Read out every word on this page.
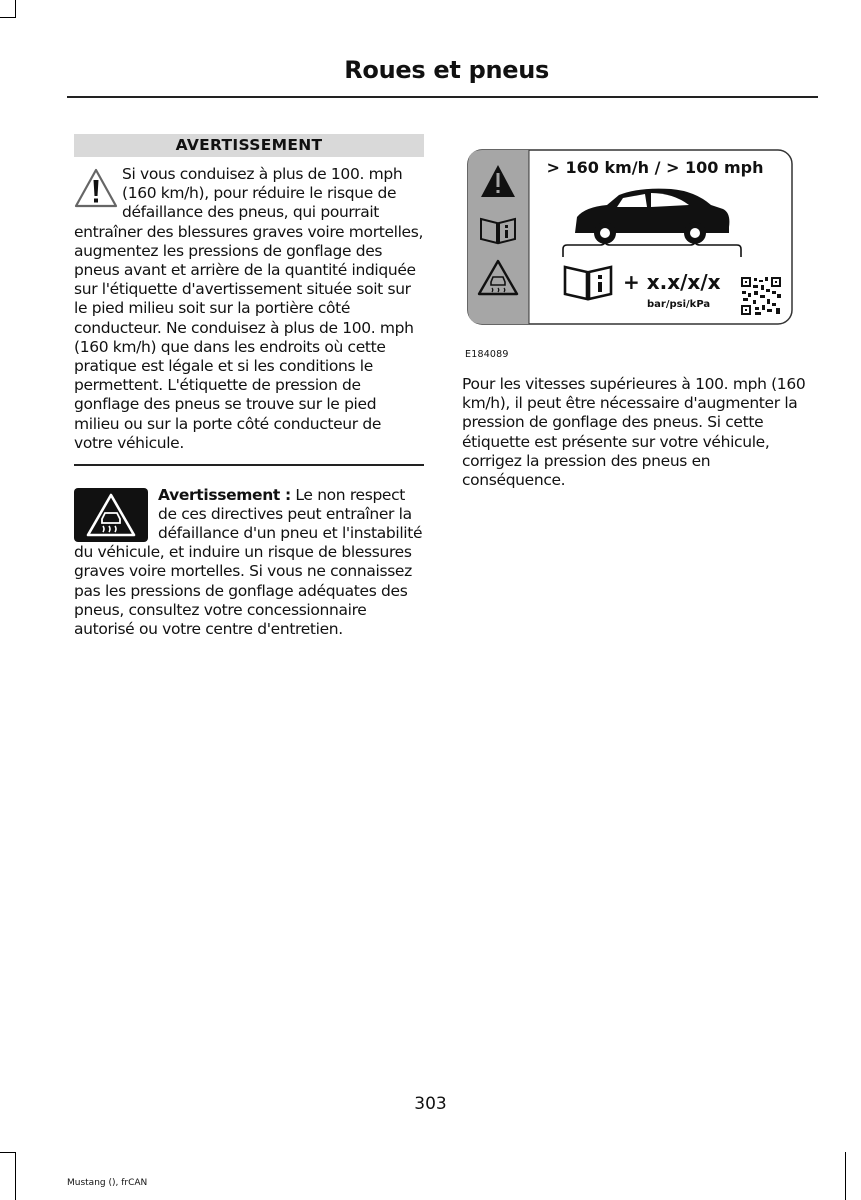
Roues et pneus
AVERTISSEMENT

Si vous conduisez à plus de 100. mph (160 km/h), pour réduire le risque de défaillance des pneus, qui pourrait entraîner des blessures graves voire mortelles, augmentez les pressions de gonflage des pneus avant et arrière de la quantité indiquée sur l'étiquette d'avertissement située soit sur le pied milieu soit sur la portière côté conducteur. Ne conduisez à plus de 100. mph (160 km/h) que dans les endroits où cette pratique est légale et si les conditions le permettent. L'étiquette de pression de gonflage des pneus se trouve sur le pied milieu ou sur la porte côté conducteur de votre véhicule.

Avertissement : Le non respect de ces directives peut entraîner la défaillance d'un pneu et l'instabilité du véhicule, et induire un risque de blessures graves voire mortelles. Si vous ne connaissez pas les pressions de gonflage adéquates des pneus, consultez votre concessionnaire autorisé ou votre centre d'entretien.

> 160 km/h / > 100 mph
+ x.x/x/x
bar/psi/kPa
E184089

Pour les vitesses supérieures à 100. mph (160 km/h), il peut être nécessaire d'augmenter la pression de gonflage des pneus. Si cette étiquette est présente sur votre véhicule, corrigez la pression des pneus en conséquence.

303
Mustang (), frCAN
